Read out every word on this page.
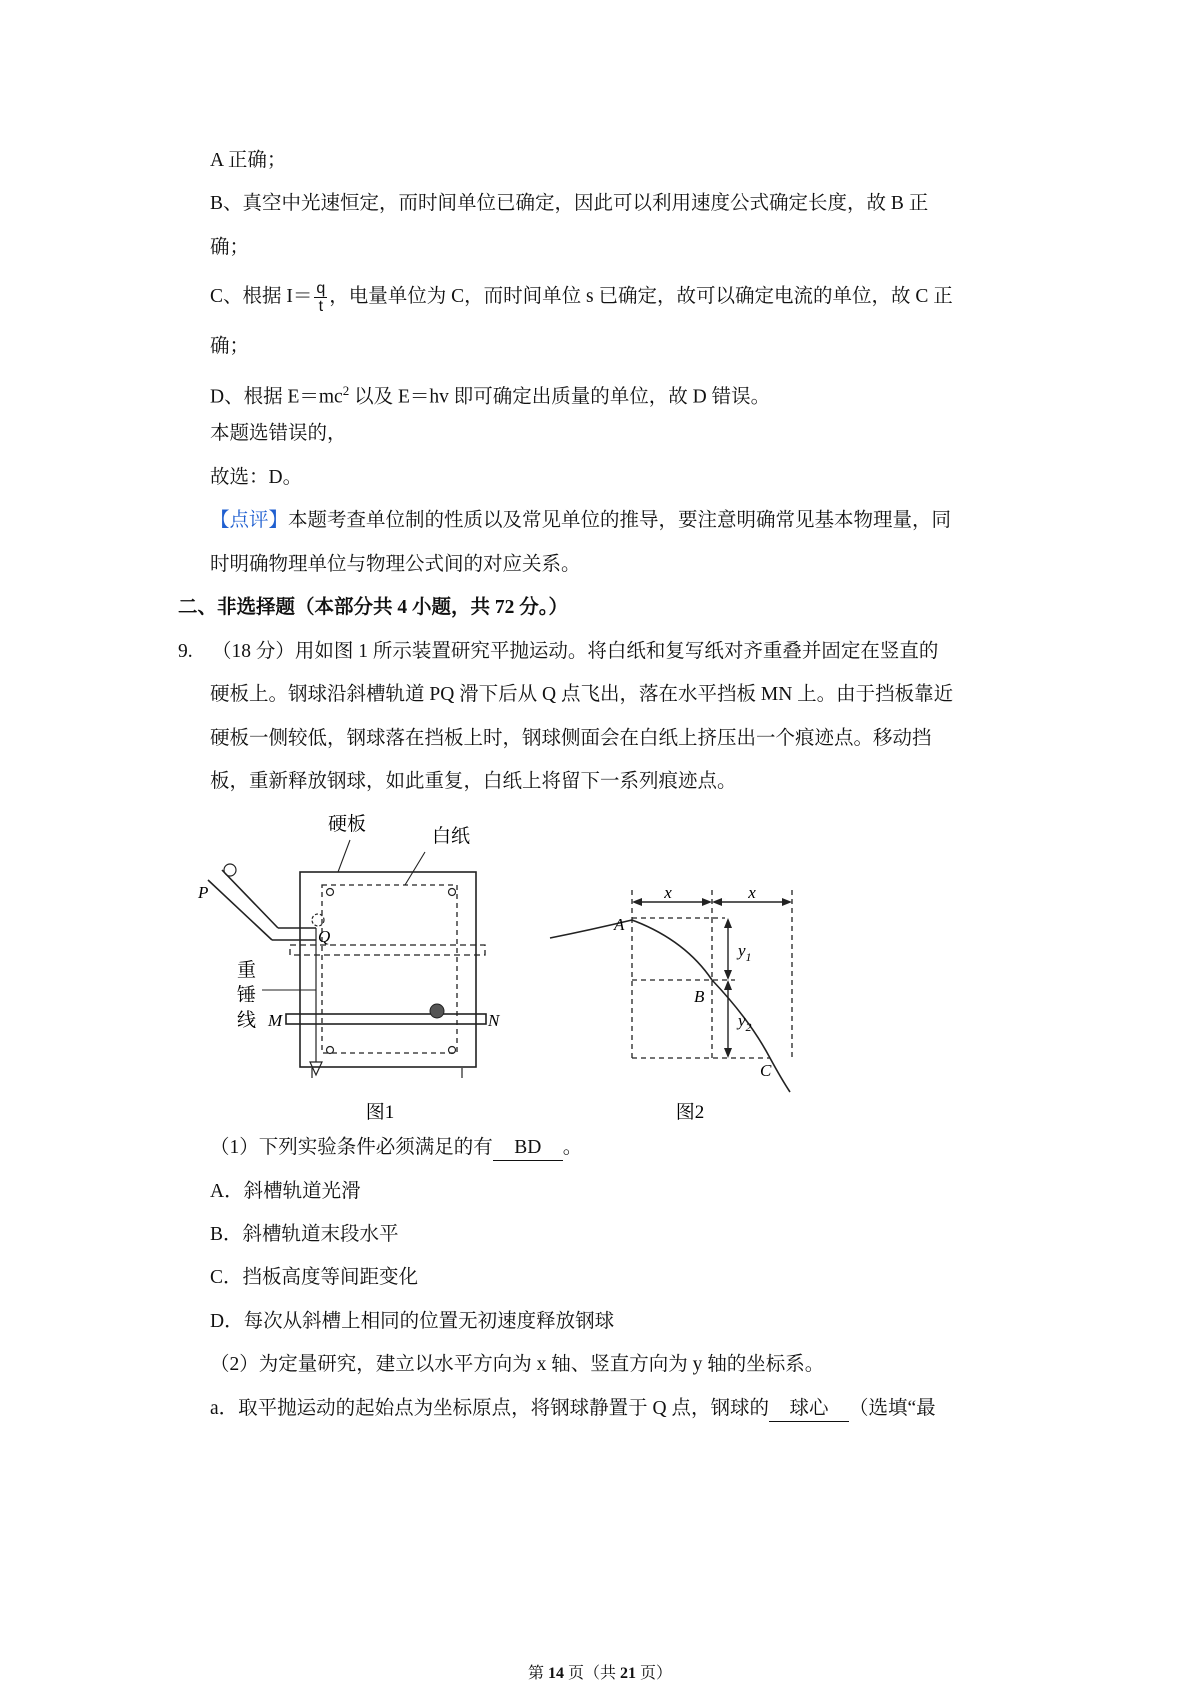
A 正确；
B、真空中光速恒定，而时间单位已确定，因此可以利用速度公式确定长度，故 B 正
确；
C、根据 $I= \frac{q}{t}$ ，电量单位为 C，而时间单位 s 已确定，故可以确定电流的单位，故 C 正
确；
D、根据 $E=mc^2$ 以及 E＝hv 即可确定出质量的单位，故 D 错误。
本题选错误的，
故选：D。
【点评】本题考查单位制的性质以及常见单位的推导，要注意明确常见基本物理量，同
时明确物理单位与物理公式间的对应关系。
二、非选择题（本部分共 4 小题，共 72 分。）
9. （18 分）用如图 1 所示装置研究平抛运动。将白纸和复写纸对齐重叠并固定在竖直的
硬板上。钢球沿斜槽轨道 PQ 滑下后从 Q 点飞出，落在水平挡板 MN 上。由于挡板靠近
硬板一侧较低，钢球落在挡板上时，钢球侧面会在白纸上挤压出一个痕迹点。移动挡
板，重新释放钢球，如此重复，白纸上将留下一系列痕迹点。
硬板
白纸
P
Q
重
锤
线 M	N
图1
x	x
$y_1$
$y_2$
A
B
C
图2
（1）下列实验条件必须满足的有 BD 。
A．斜槽轨道光滑
B．斜槽轨道末段水平
C．挡板高度等间距变化
D．每次从斜槽上相同的位置无初速度释放钢球
（2）为定量研究，建立以水平方向为 x 轴、竖直方向为 y 轴的坐标系。
a．取平抛运动的起始点为坐标原点，将钢球静置于 Q 点，钢球的 球心 （选填“最
第 14 页（共 21 页）
